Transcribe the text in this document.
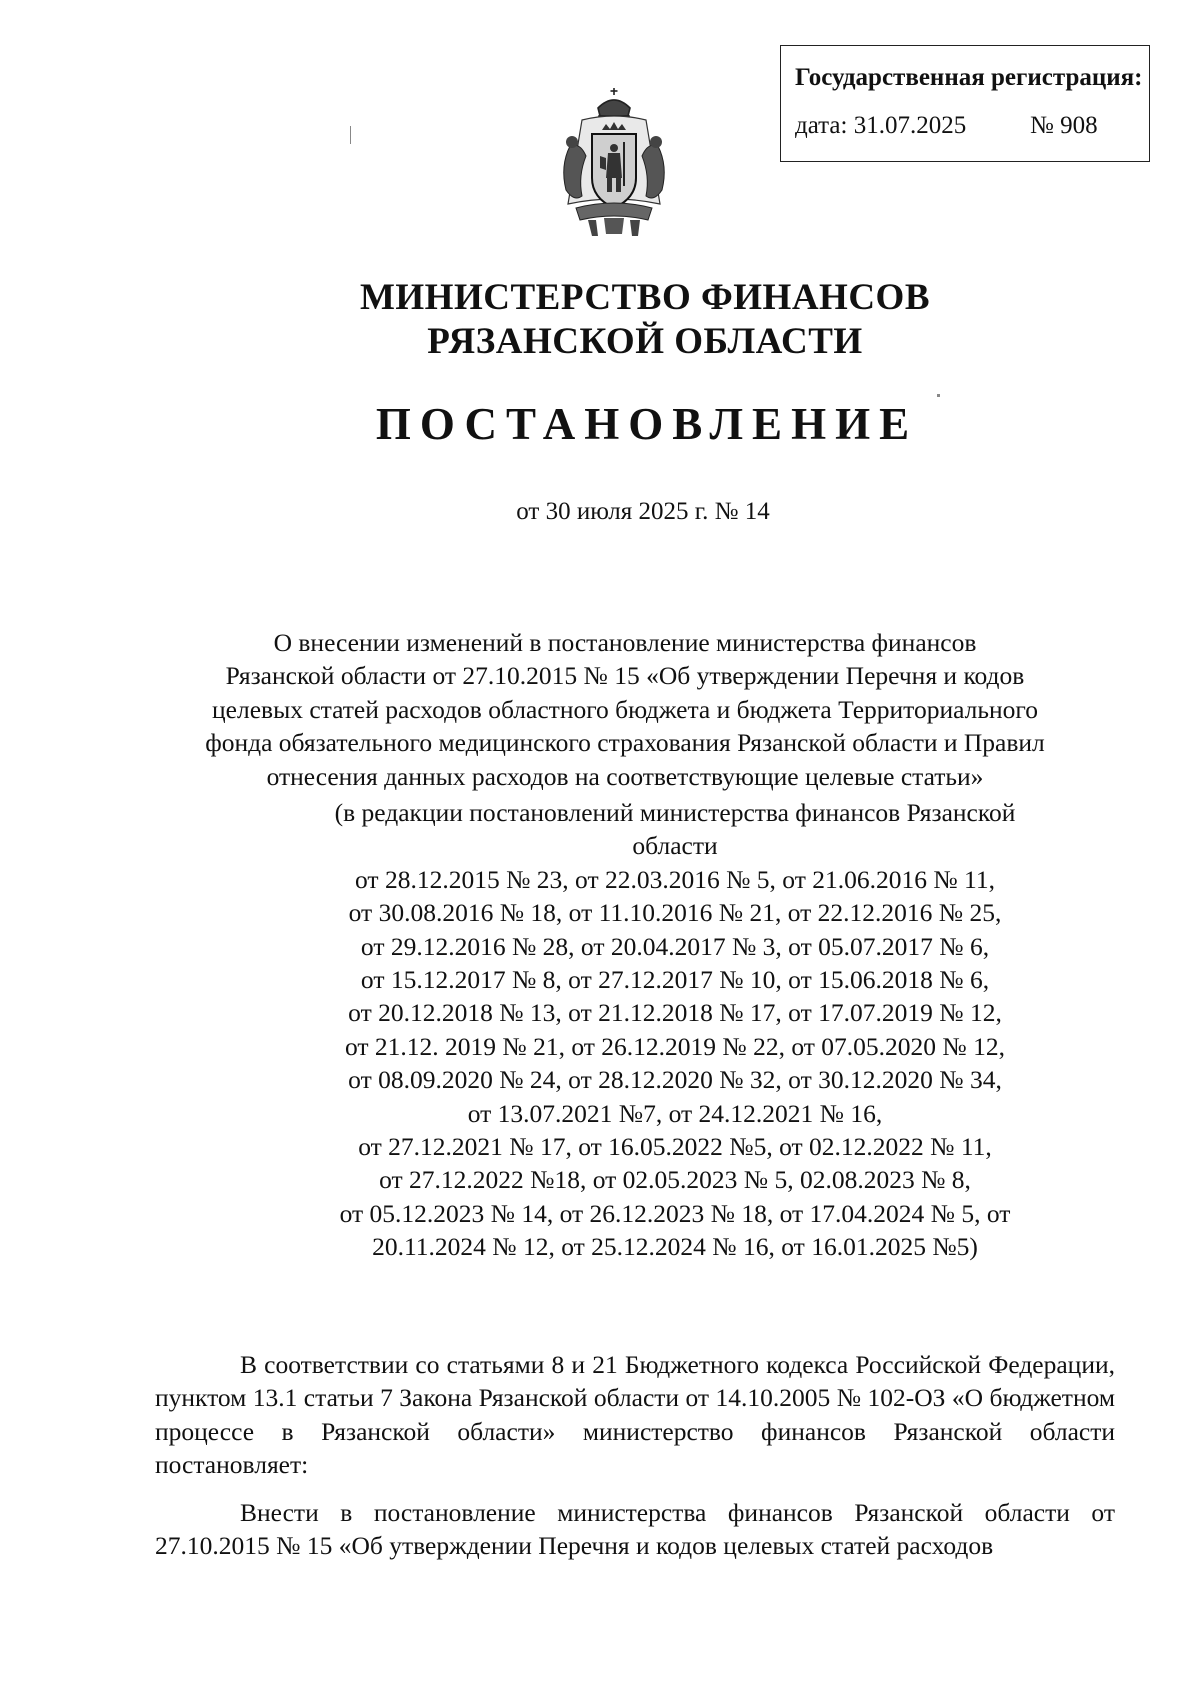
Государственная регистрация:
дата: 31.07.2025	№ 908
МИНИСТЕРСТВО ФИНАНСОВ
РЯЗАНСКОЙ ОБЛАСТИ
ПОСТАНОВЛЕНИЕ
от 30 июля 2025 г. № 14
О внесении изменений в постановление министерства финансов
Рязанской области от 27.10.2015 № 15 «Об утверждении Перечня и кодов
целевых статей расходов областного бюджета и бюджета Территориального
фонда обязательного медицинского страхования Рязанской области и Правил
отнесения данных расходов на соответствующие целевые статьи»
(в редакции постановлений министерства финансов Рязанской
области
от 28.12.2015 № 23, от 22.03.2016 № 5, от 21.06.2016 № 11,
от 30.08.2016 № 18, от 11.10.2016 № 21, от 22.12.2016 № 25,
от 29.12.2016 № 28, от 20.04.2017 № 3, от 05.07.2017 № 6,
от 15.12.2017 № 8, от 27.12.2017 № 10, от 15.06.2018 № 6,
от 20.12.2018 № 13, от 21.12.2018 № 17, от 17.07.2019 № 12,
от 21.12. 2019 № 21, от 26.12.2019 № 22, от 07.05.2020 № 12,
от 08.09.2020 № 24, от 28.12.2020 № 32, от 30.12.2020 № 34,
от 13.07.2021 №7, от 24.12.2021 № 16,
от 27.12.2021 № 17, от 16.05.2022 №5, от 02.12.2022 № 11,
от 27.12.2022 №18, от 02.05.2023 № 5, 02.08.2023 № 8,
от 05.12.2023 № 14, от 26.12.2023 № 18, от 17.04.2024 № 5, от
20.11.2024 № 12, от 25.12.2024 № 16, от 16.01.2025 №5)
В соответствии со статьями 8 и 21 Бюджетного кодекса Российской Федерации, пунктом 13.1 статьи 7 Закона Рязанской области от 14.10.2005 № 102-ОЗ «О бюджетном процессе в Рязанской области» министерство финансов Рязанской области постановляет:
Внести в постановление министерства финансов Рязанской области от 27.10.2015 № 15 «Об утверждении Перечня и кодов целевых статей расходов
